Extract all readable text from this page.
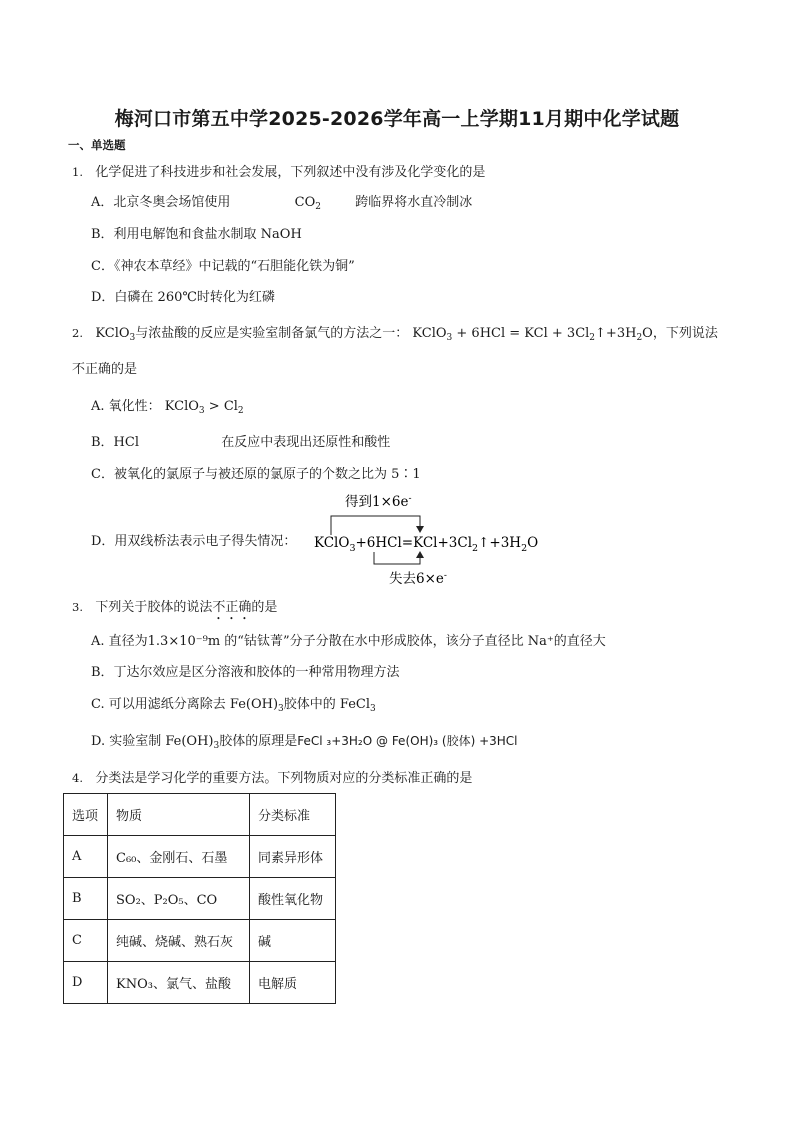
梅河口市第五中学2025-2026学年高一上学期11月期中化学试题
一、单选题
1. 化学促进了科技进步和社会发展，下列叙述中没有涉及化学变化的是
A．北京冬奥会场馆使用	$CO_2$	跨临界将水直冷制冰
B．利用电解饱和食盐水制取 NaOH
C．《神农本草经》中记载的“石胆能化铁为铜”
D．白磷在 260℃时转化为红磷
2. KClO$_3$与浓盐酸的反应是实验室制备氯气的方法之一： KClO$_3$ + 6HCl = KCl + $3Cl_2↑+3H_2O$，下列说法
不正确的是
A. 氧化性： KClO$_3$ > $Cl_2$
B．HCl	在反应中表现出还原性和酸性
C．被氧化的氯原子与被还原的氯原子的个数之比为 5∶1
D．用双线桥法表示电子得失情况：
得到1×6e-
$KClO_3+6HCl=KCl+3Cl_2↑+3H_2O$
失去6×e-
3. 下列关于胶体的说法不正确的是
A. 直径为1.3×10⁻⁹m 的“钴钛菁”分子分散在水中形成胶体，该分子直径比 Na⁺的直径大
B．丁达尔效应是区分溶液和胶体的一种常用物理方法
C. 可以用滤纸分离除去 $Fe(OH)_3$胶体中的 FeCl$_3$
D. 实验室制 $Fe(OH)_3$胶体的原理是FeCl ₃+3H₂O @ Fe(OH)₃ (胶体) +3HCl
4. 分类法是学习化学的重要方法。下列物质对应的分类标准正确的是
选项	物质	分类标准
A	C₆₀、金刚石、石墨	同素异形体
B	SO₂、P₂O₅、CO	酸性氧化物
C	纯碱、烧碱、熟石灰	碱
D	KNO₃、氯气、盐酸	电解质
